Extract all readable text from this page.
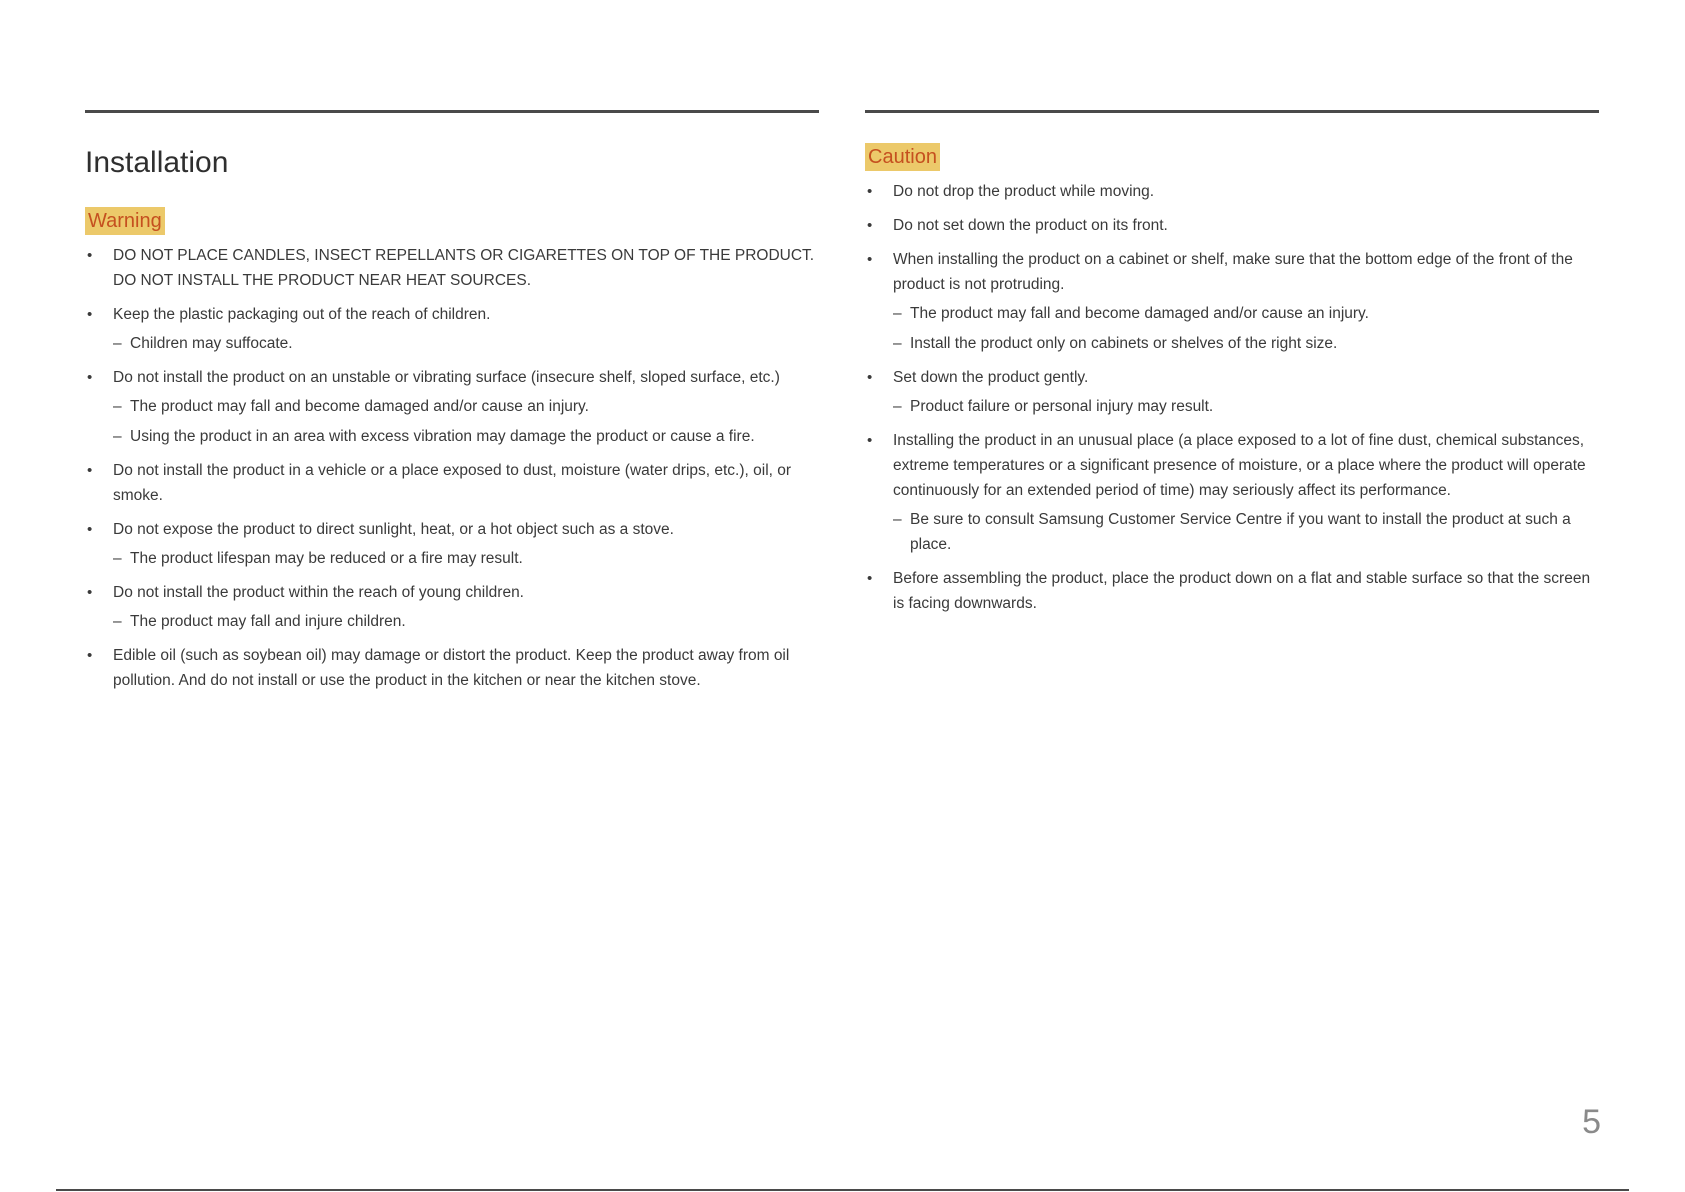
Installation
Warning
• DO NOT PLACE CANDLES, INSECT REPELLANTS OR CIGARETTES ON TOP OF THE PRODUCT. DO NOT INSTALL THE PRODUCT NEAR HEAT SOURCES.
• Keep the plastic packaging out of the reach of children.
– Children may suffocate.
• Do not install the product on an unstable or vibrating surface (insecure shelf, sloped surface, etc.)
– The product may fall and become damaged and/or cause an injury.
– Using the product in an area with excess vibration may damage the product or cause a fire.
• Do not install the product in a vehicle or a place exposed to dust, moisture (water drips, etc.), oil, or smoke.
• Do not expose the product to direct sunlight, heat, or a hot object such as a stove.
– The product lifespan may be reduced or a fire may result.
• Do not install the product within the reach of young children.
– The product may fall and injure children.
• Edible oil (such as soybean oil) may damage or distort the product. Keep the product away from oil pollution. And do not install or use the product in the kitchen or near the kitchen stove.
Caution
• Do not drop the product while moving.
• Do not set down the product on its front.
• When installing the product on a cabinet or shelf, make sure that the bottom edge of the front of the product is not protruding.
– The product may fall and become damaged and/or cause an injury.
– Install the product only on cabinets or shelves of the right size.
• Set down the product gently.
– Product failure or personal injury may result.
• Installing the product in an unusual place (a place exposed to a lot of fine dust, chemical substances, extreme temperatures or a significant presence of moisture, or a place where the product will operate continuously for an extended period of time) may seriously affect its performance.
– Be sure to consult Samsung Customer Service Centre if you want to install the product at such a place.
• Before assembling the product, place the product down on a flat and stable surface so that the screen is facing downwards.
5
